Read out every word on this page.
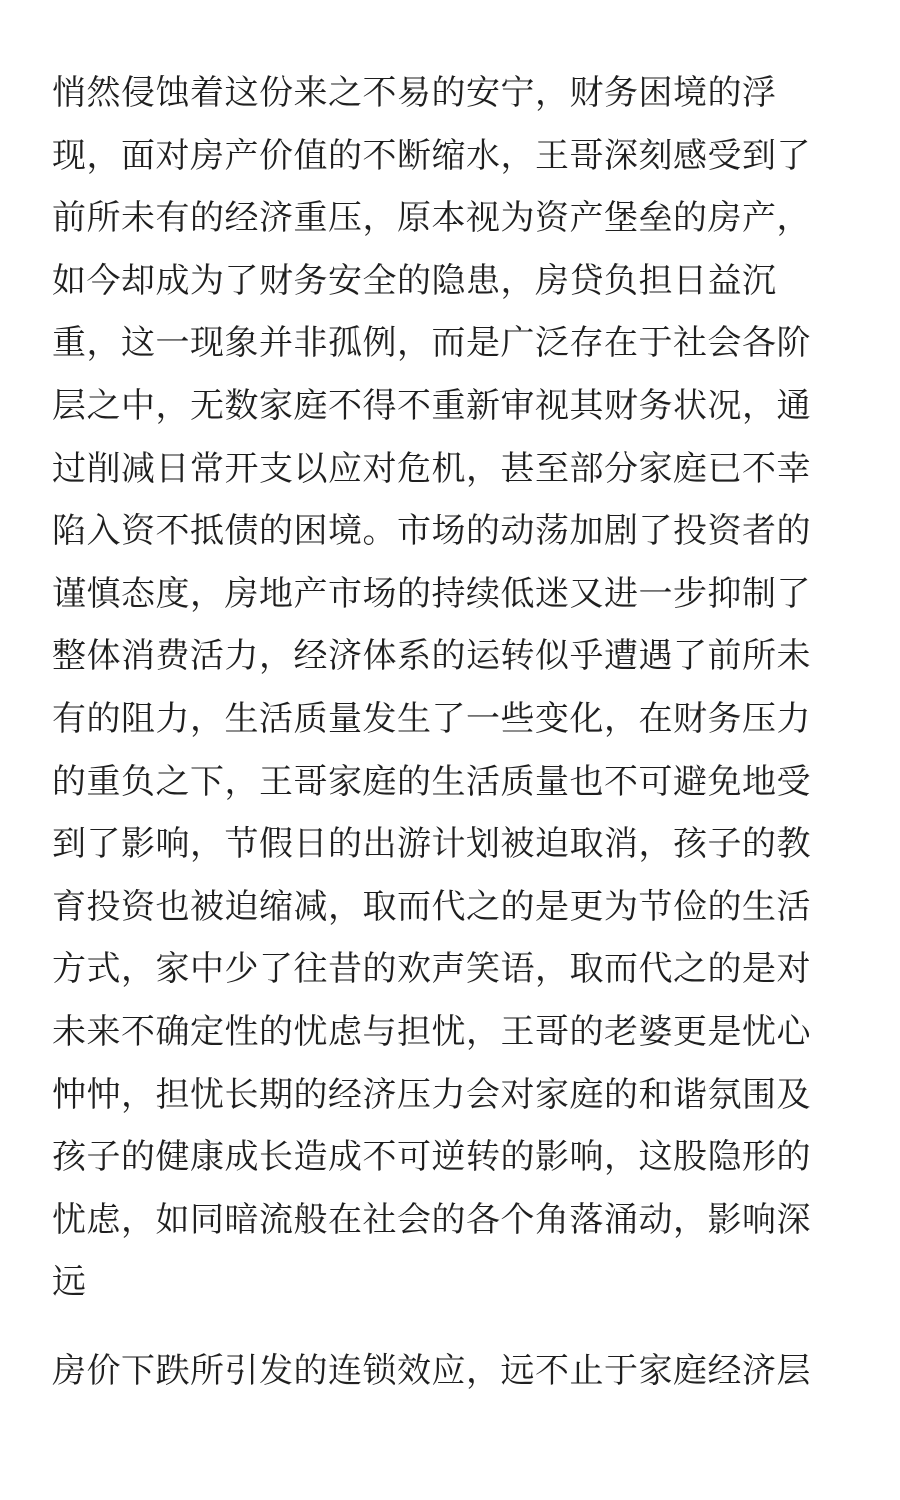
悄然侵蚀着这份来之不易的安宁，财务困境的浮
现，面对房产价值的不断缩水，王哥深刻感受到了
前所未有的经济重压，原本视为资产堡垒的房产，
如今却成为了财务安全的隐患，房贷负担日益沉
重，这一现象并非孤例，而是广泛存在于社会各阶
层之中，无数家庭不得不重新审视其财务状况，通
过削减日常开支以应对危机，甚至部分家庭已不幸
陷入资不抵债的困境。市场的动荡加剧了投资者的
谨慎态度，房地产市场的持续低迷又进一步抑制了
整体消费活力，经济体系的运转似乎遭遇了前所未
有的阻力，生活质量发生了一些变化，在财务压力
的重负之下，王哥家庭的生活质量也不可避免地受
到了影响，节假日的出游计划被迫取消，孩子的教
育投资也被迫缩减，取而代之的是更为节俭的生活
方式，家中少了往昔的欢声笑语，取而代之的是对
未来不确定性的忧虑与担忧，王哥的老婆更是忧心
忡忡，担忧长期的经济压力会对家庭的和谐氛围及
孩子的健康成长造成不可逆转的影响，这股隐形的
忧虑，如同暗流般在社会的各个角落涌动，影响深
远
房价下跌所引发的连锁效应，远不止于家庭经济层
